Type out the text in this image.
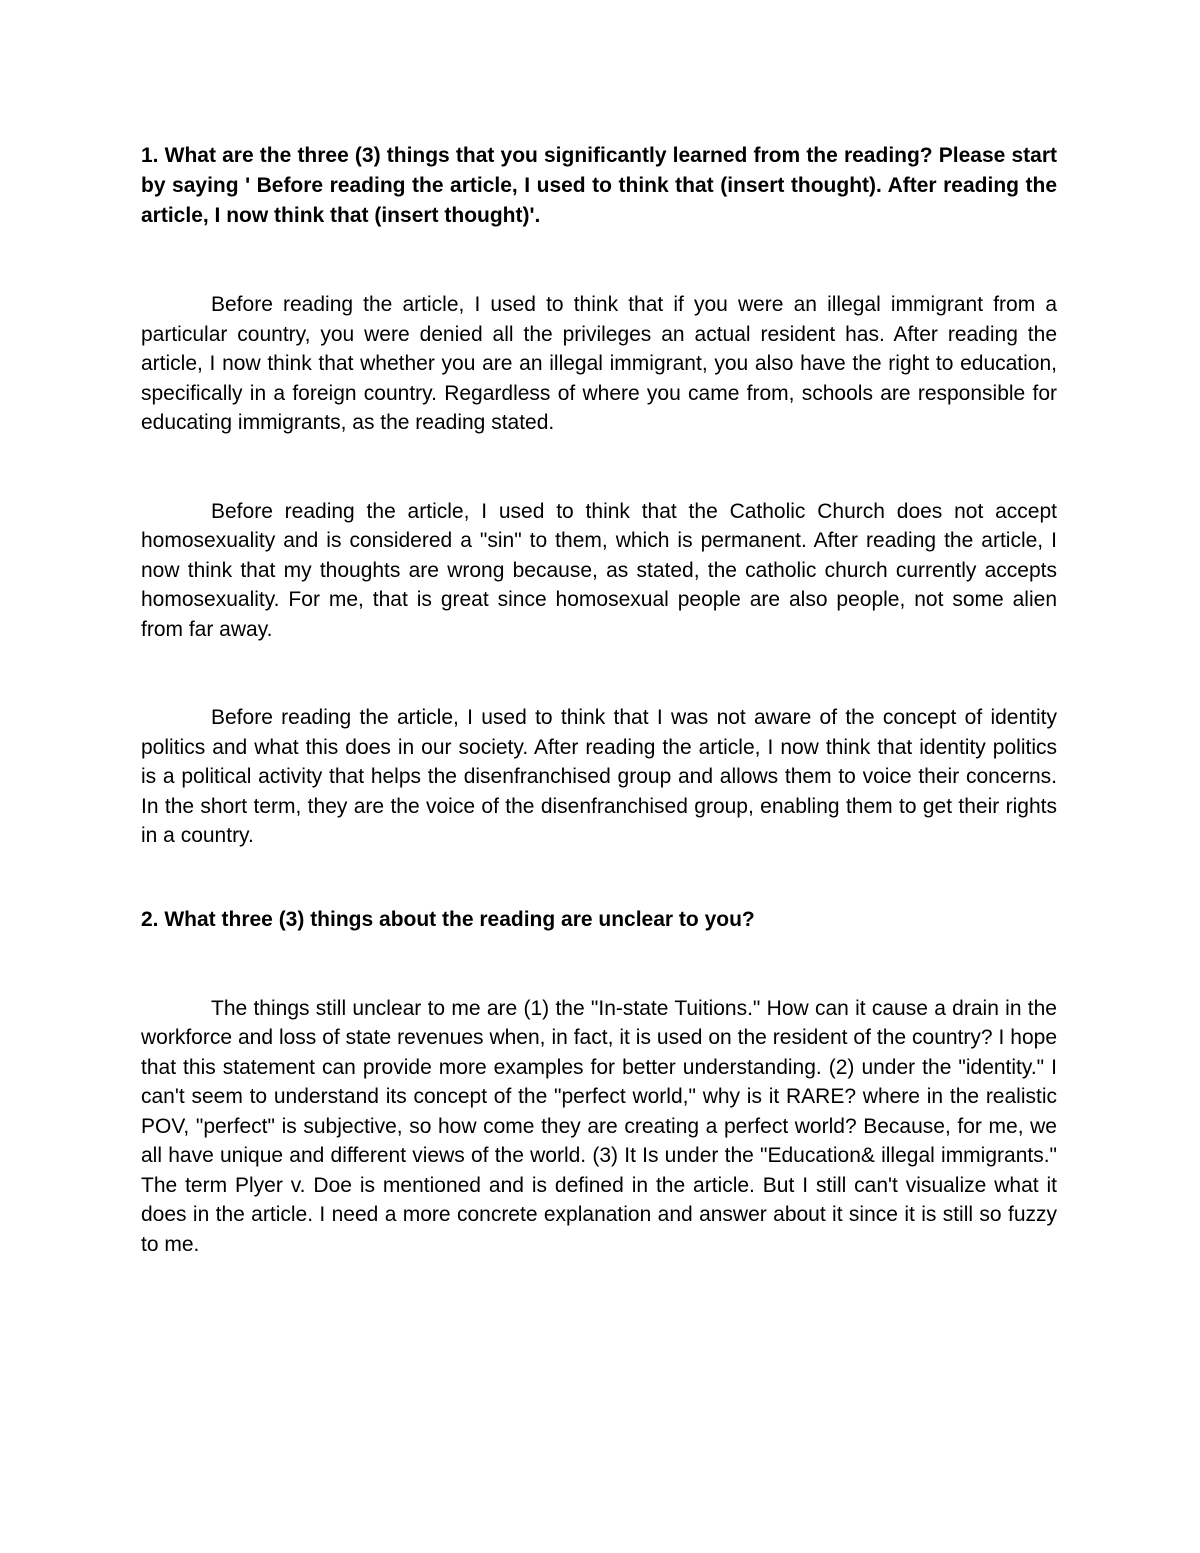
1. What are the three (3) things that you significantly learned from the reading? Please start by saying ' Before reading the article, I used to think that (insert thought). After reading the article, I now think that (insert thought)'.

Before reading the article, I used to think that if you were an illegal immigrant from a particular country, you were denied all the privileges an actual resident has. After reading the article, I now think that whether you are an illegal immigrant, you also have the right to education, specifically in a foreign country. Regardless of where you came from, schools are responsible for educating immigrants, as the reading stated.

Before reading the article, I used to think that the Catholic Church does not accept homosexuality and is considered a "sin" to them, which is permanent. After reading the article, I now think that my thoughts are wrong because, as stated, the catholic church currently accepts homosexuality. For me, that is great since homosexual people are also people, not some alien from far away.

Before reading the article, I used to think that I was not aware of the concept of identity politics and what this does in our society. After reading the article, I now think that identity politics is a political activity that helps the disenfranchised group and allows them to voice their concerns. In the short term, they are the voice of the disenfranchised group, enabling them to get their rights in a country.

2. What three (3) things about the reading are unclear to you?

The things still unclear to me are (1) the "In-state Tuitions." How can it cause a drain in the workforce and loss of state revenues when, in fact, it is used on the resident of the country? I hope that this statement can provide more examples for better understanding. (2) under the "identity." I can't seem to understand its concept of the "perfect world," why is it RARE? where in the realistic POV, "perfect" is subjective, so how come they are creating a perfect world? Because, for me, we all have unique and different views of the world. (3) It Is under the "Education& illegal immigrants." The term Plyer v. Doe is mentioned and is defined in the article. But I still can't visualize what it does in the article. I need a more concrete explanation and answer about it since it is still so fuzzy to me.
